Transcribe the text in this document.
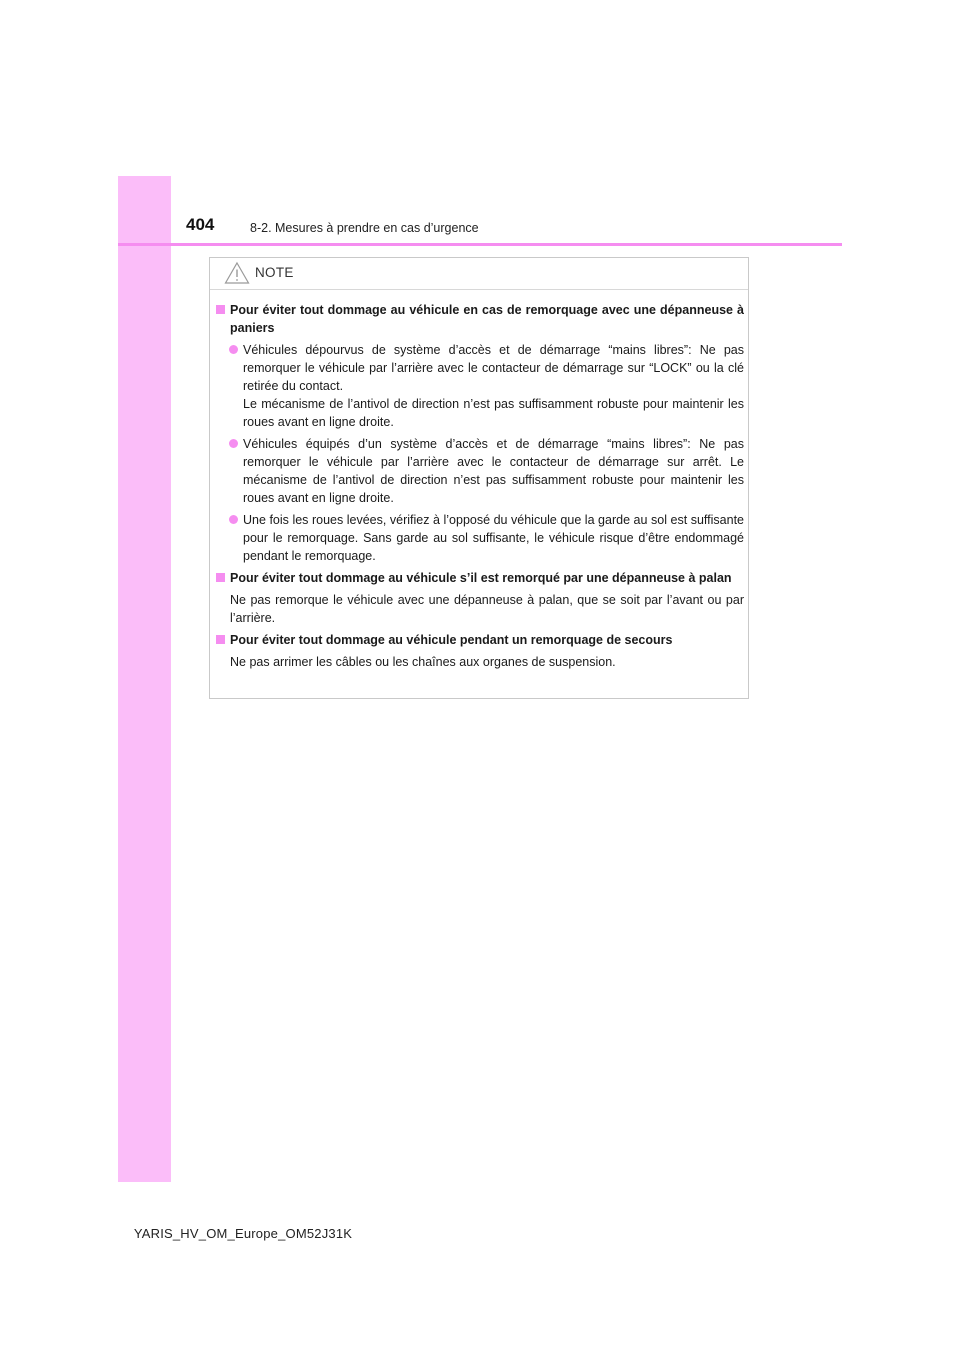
404	8-2. Mesures à prendre en cas d’urgence
NOTE
Pour éviter tout dommage au véhicule en cas de remorquage avec une dépanneuse à paniers
Véhicules dépourvus de système d’accès et de démarrage “mains libres”: Ne pas remorquer le véhicule par l’arrière avec le contacteur de démarrage sur “LOCK” ou la clé retirée du contact.
Le mécanisme de l’antivol de direction n’est pas suffisamment robuste pour maintenir les roues avant en ligne droite.
Véhicules équipés d’un système d’accès et de démarrage “mains libres”: Ne pas remorquer le véhicule par l’arrière avec le contacteur de démarrage sur arrêt. Le mécanisme de l’antivol de direction n’est pas suffisamment robuste pour maintenir les roues avant en ligne droite.
Une fois les roues levées, vérifiez à l’opposé du véhicule que la garde au sol est suffisante pour le remorquage. Sans garde au sol suffisante, le véhicule risque d’être endommagé pendant le remorquage.
Pour éviter tout dommage au véhicule s’il est remorqué par une dépanneuse à palan
Ne pas remorque le véhicule avec une dépanneuse à palan, que se soit par l’avant ou par l’arrière.
Pour éviter tout dommage au véhicule pendant un remorquage de secours
Ne pas arrimer les câbles ou les chaînes aux organes de suspension.
YARIS_HV_OM_Europe_OM52J31K
